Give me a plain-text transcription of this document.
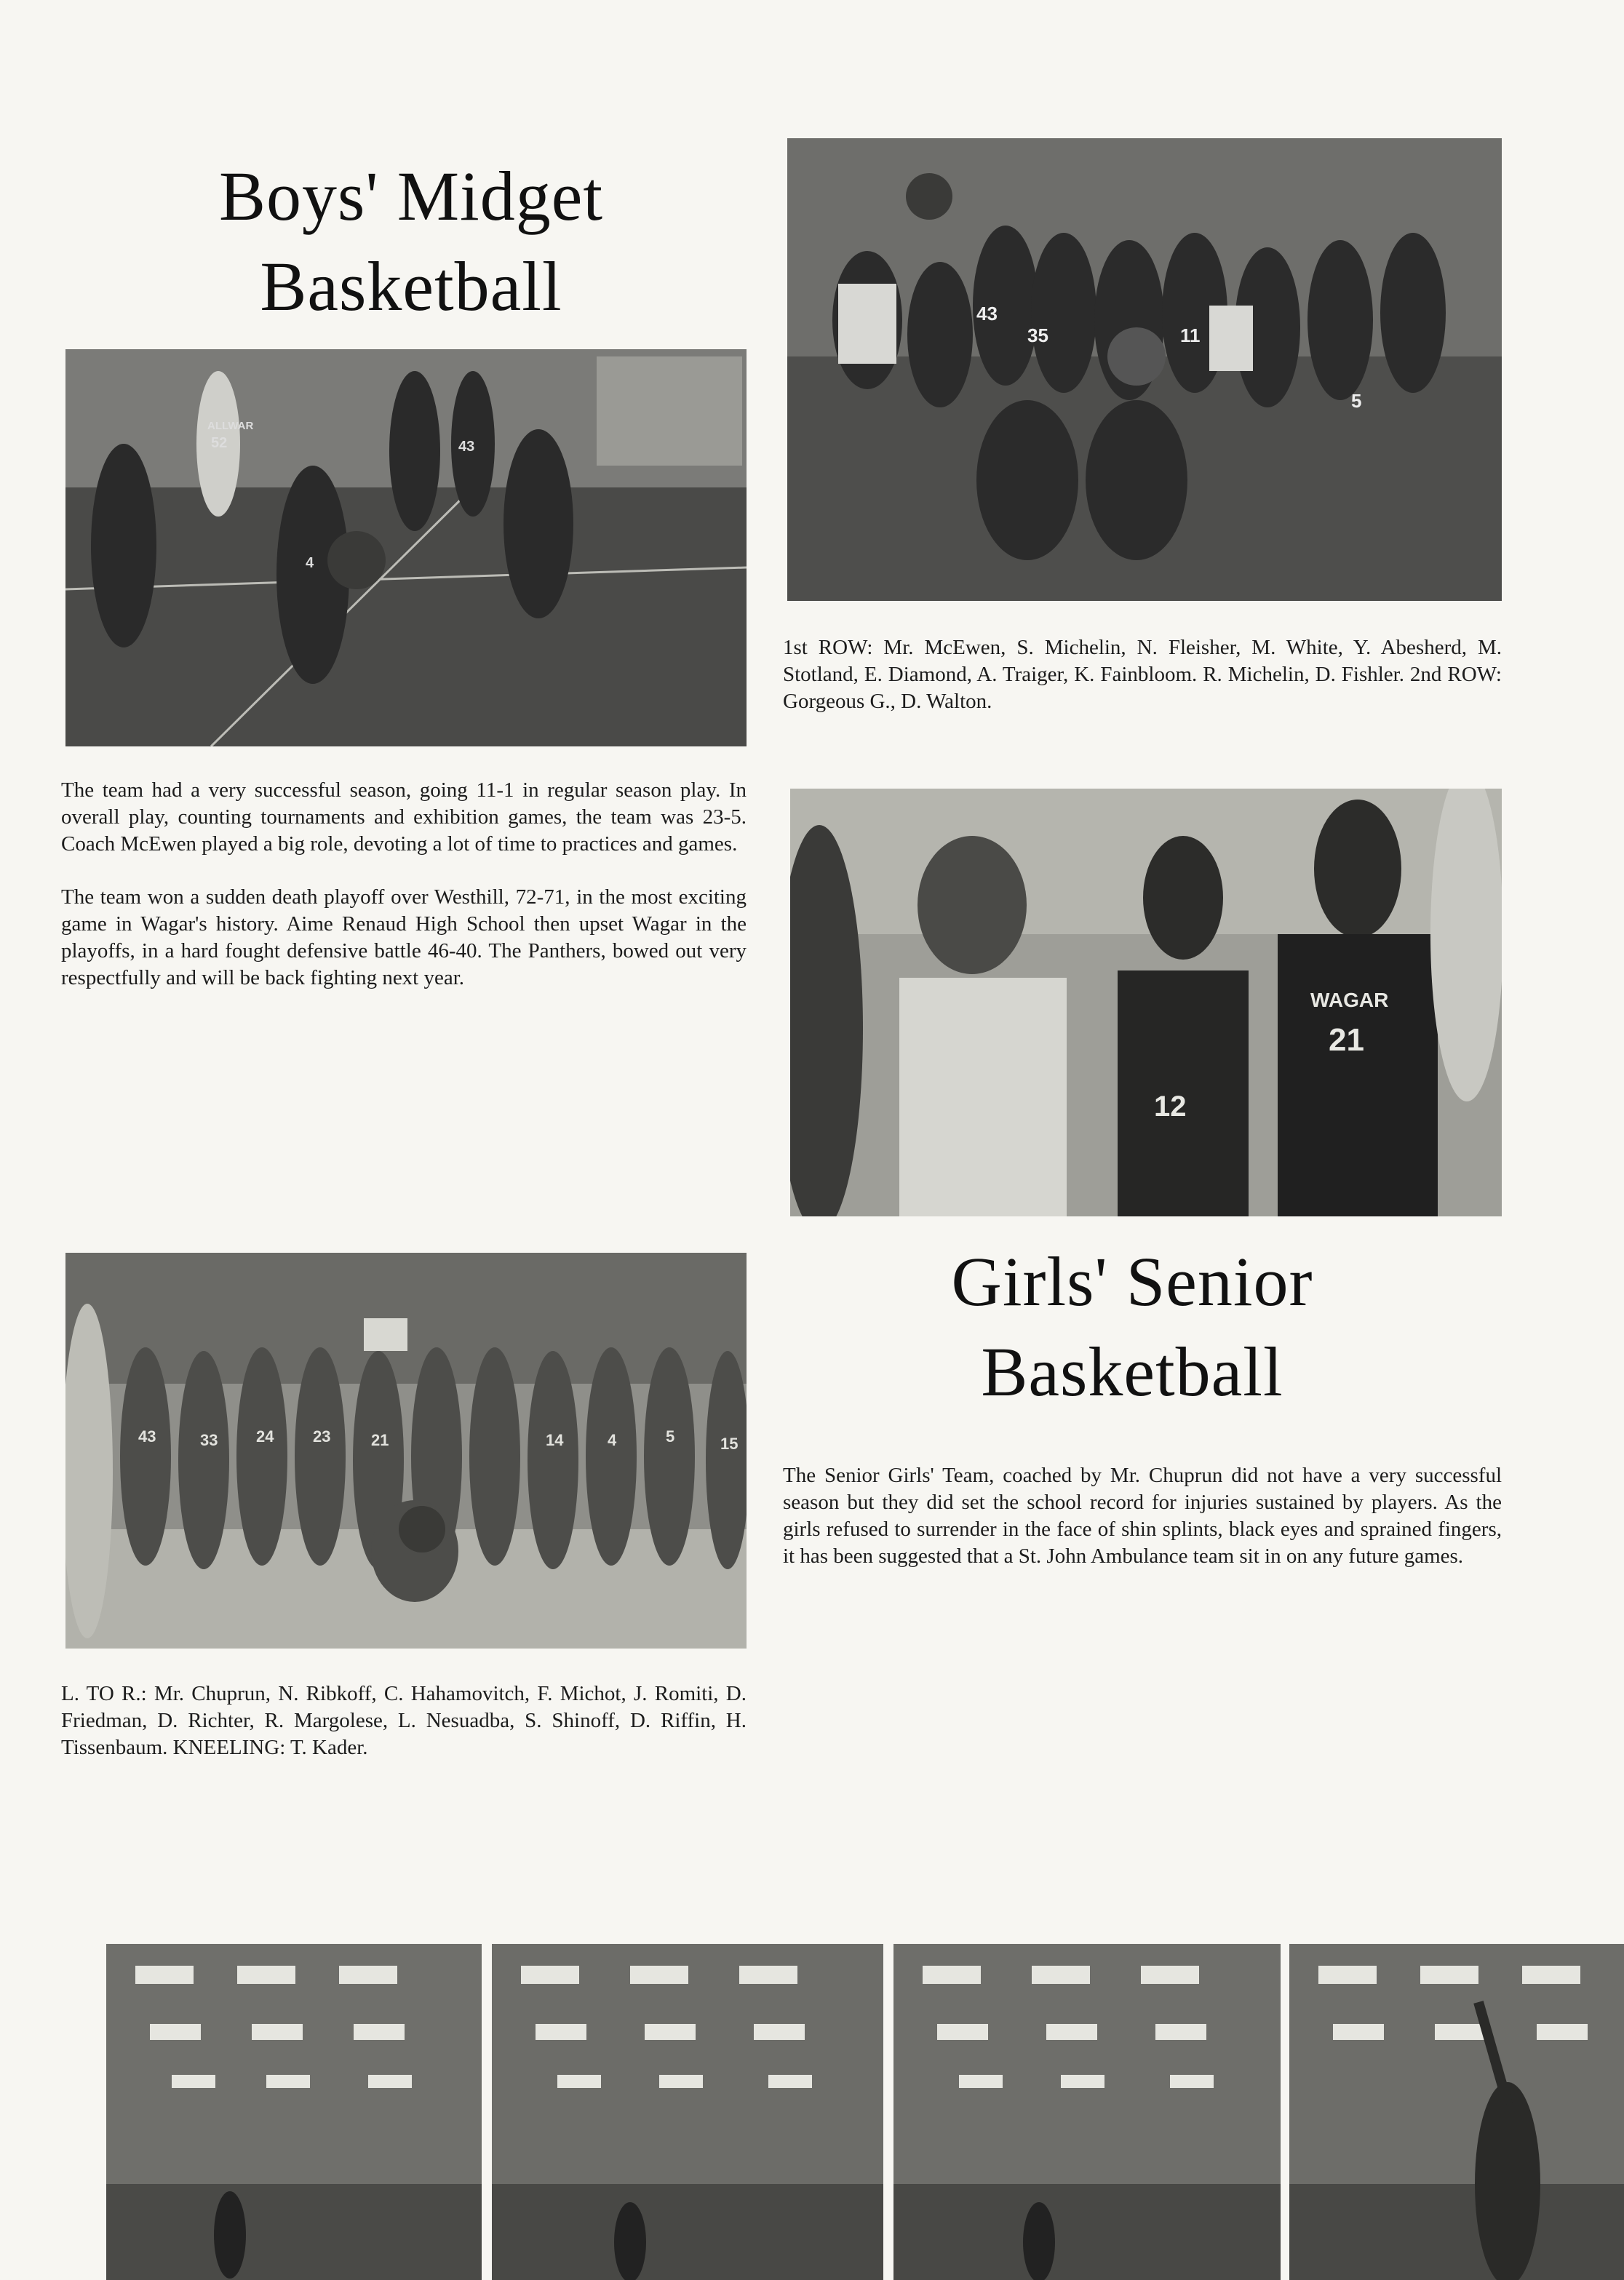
Boys' Midget
Basketball	43
35	11
5
ALLWAR
52	43
4
1st ROW: Mr. McEwen, S. Michelin, N. Fleisher, M. White, Y. Abesherd, M. Stotland, E. Diamond, A. Traiger, K. Fainbloom. R. Michelin, D. Fishler. 2nd ROW: Gorgeous G., D. Walton.

The team had a very successful season, going 11-1 in regular season play. In overall play, counting tournaments and exhibition games, the team was 23-5. Coach McEwen played a big role, devoting a lot of time to practices and games.

The team won a sudden death playoff over Westhill, 72-71, in the most exciting game in Wagar's history. Aime Renaud High School then upset Wagar in the playoffs, in a hard fought defensive battle 46-40. The Panthers, bowed out very respectfully and will be back fighting next year.

12
21
WAGAR
Girls' Senior
Basketball
43	33 24 23	21	14	4	5	15
The Senior Girls' Team, coached by Mr. Chuprun did not have a very successful season but they did set the school record for injuries sustained by players. As the girls refused to surrender in the face of shin splints, black eyes and sprained fingers, it has been suggested that a St. John Ambulance team sit in on any future games.
L. TO R.: Mr. Chuprun, N. Ribkoff, C. Hahamovitch, F. Michot, J. Romiti, D. Friedman, D. Richter, R. Margolese, L. Nesuadba, S. Shinoff, D. Riffin, H. Tissenbaum. KNEELING: T. Kader.
